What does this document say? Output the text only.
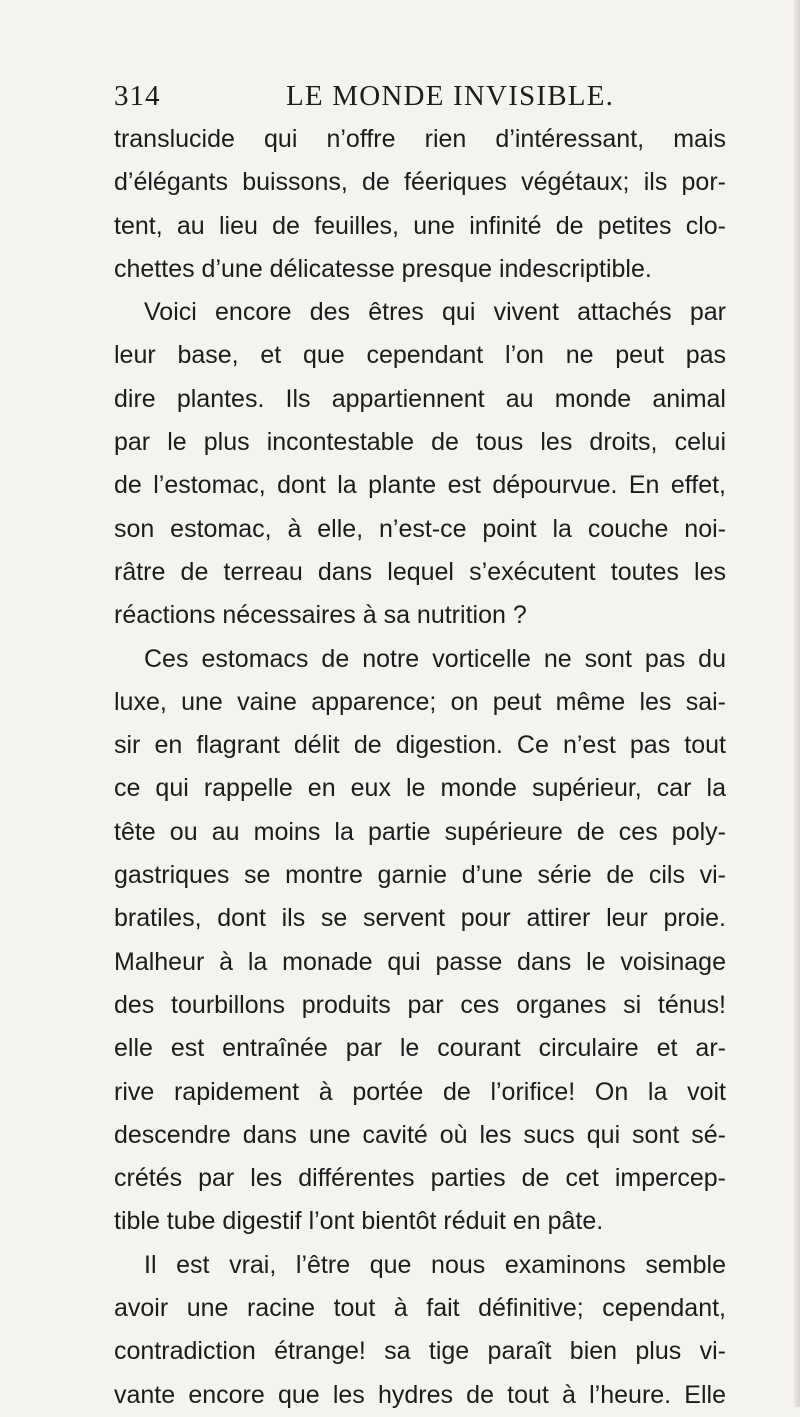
314	LE MONDE INVISIBLE.
translucide qui n’offre rien d’intéressant, mais
d’élégants buissons, de féeriques végétaux; ils por-
tent, au lieu de feuilles, une infinité de petites clo-
chettes d’une délicatesse presque indescriptible.
Voici encore des êtres qui vivent attachés par
leur base, et que cependant l’on ne peut pas
dire plantes. Ils appartiennent au monde animal
par le plus incontestable de tous les droits, celui
de l’estomac, dont la plante est dépourvue. En effet,
son estomac, à elle, n’est-ce point la couche noi-
râtre de terreau dans lequel s’exécutent toutes les
réactions nécessaires à sa nutrition ?
Ces estomacs de notre vorticelle ne sont pas du
luxe, une vaine apparence; on peut même les sai-
sir en flagrant délit de digestion. Ce n’est pas tout
ce qui rappelle en eux le monde supérieur, car la
tête ou au moins la partie supérieure de ces poly-
gastriques se montre garnie d’une série de cils vi-
bratiles, dont ils se servent pour attirer leur proie.
Malheur à la monade qui passe dans le voisinage
des tourbillons produits par ces organes si ténus!
elle est entraînée par le courant circulaire et ar-
rive rapidement à portée de l’orifice! On la voit
descendre dans une cavité où les sucs qui sont sé-
crétés par les différentes parties de cet impercep-
tible tube digestif l’ont bientôt réduit en pâte.
Il est vrai, l’être que nous examinons semble
avoir une racine tout à fait définitive; cependant,
contradiction étrange! sa tige paraît bien plus vi-
vante encore que les hydres de tout à l’heure. Elle
